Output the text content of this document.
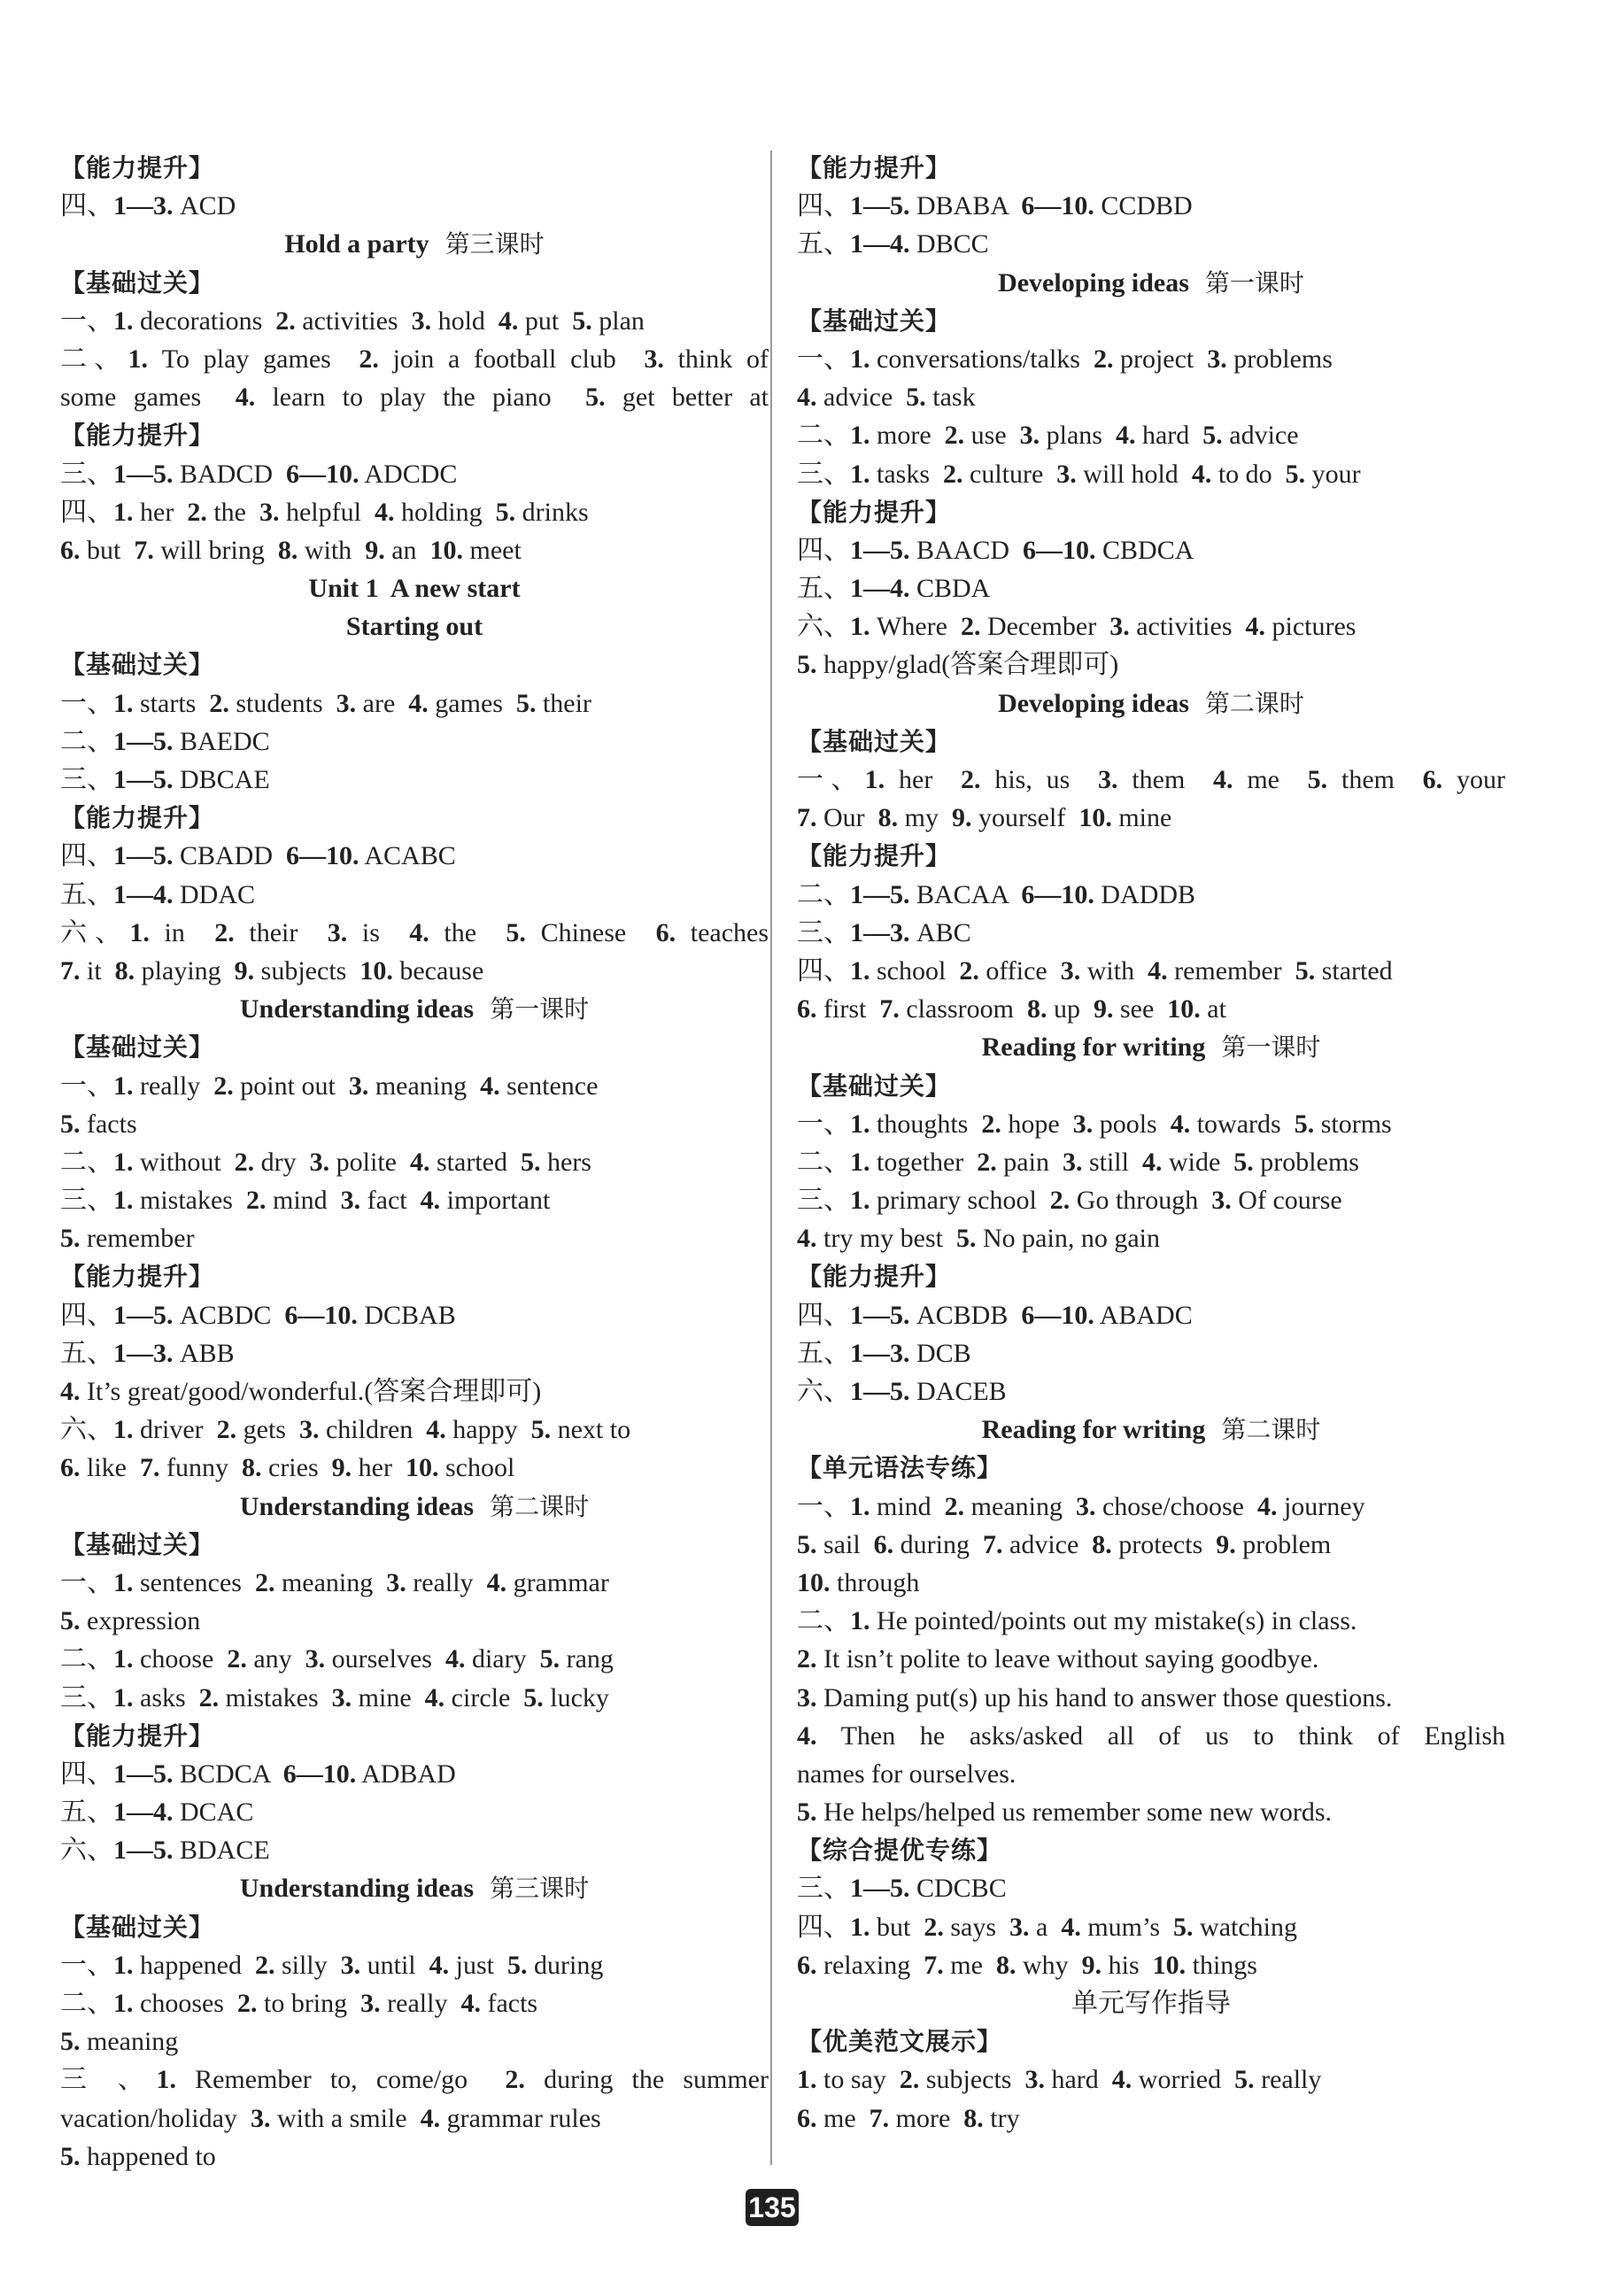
【能力提升】
四、1—3. ACD
Hold a party 第三课时
【基础过关】
一、1. decorations  2. activities  3. hold  4. put  5. plan
二、1. To play games  2. join a football club  3. think of
some games  4. learn to play the piano  5. get better at
【能力提升】
三、1—5. BADCD  6—10. ADCDC
四、1. her  2. the  3. helpful  4. holding  5. drinks
6. but  7. will bring  8. with  9. an  10. meet
Unit 1  A new start
Starting out
【基础过关】
一、1. starts  2. students  3. are  4. games  5. their
二、1—5. BAEDC
三、1—5. DBCAE
【能力提升】
四、1—5. CBADD  6—10. ACABC
五、1—4. DDAC
六、1. in  2. their  3. is  4. the  5. Chinese  6. teaches
7. it  8. playing  9. subjects  10. because
Understanding ideas 第一课时
【基础过关】
一、1. really  2. point out  3. meaning  4. sentence
5. facts
二、1. without  2. dry  3. polite  4. started  5. hers
三、1. mistakes  2. mind  3. fact  4. important
5. remember
【能力提升】
四、1—5. ACBDC  6—10. DCBAB
五、1—3. ABB
4. It’s great/good/wonderful.(答案合理即可)
六、1. driver  2. gets  3. children  4. happy  5. next to
6. like  7. funny  8. cries  9. her  10. school
Understanding ideas 第二课时
【基础过关】
一、1. sentences  2. meaning  3. really  4. grammar
5. expression
二、1. choose  2. any  3. ourselves  4. diary  5. rang
三、1. asks  2. mistakes  3. mine  4. circle  5. lucky
【能力提升】
四、1—5. BCDCA  6—10. ADBAD
五、1—4. DCAC
六、1—5. BDACE
Understanding ideas 第三课时
【基础过关】
一、1. happened  2. silly  3. until  4. just  5. during
二、1. chooses  2. to bring  3. really  4. facts
5. meaning
三 、1. Remember to, come/go  2. during the summer
vacation/holiday  3. with a smile  4. grammar rules
5. happened to
【能力提升】
四、1—5. DBABA  6—10. CCDBD
五、1—4. DBCC
Developing ideas 第一课时
【基础过关】
一、1. conversations/talks  2. project  3. problems
4. advice  5. task
二、1. more  2. use  3. plans  4. hard  5. advice
三、1. tasks  2. culture  3. will hold  4. to do  5. your
【能力提升】
四、1—5. BAACD  6—10. CBDCA
五、1—4. CBDA
六、1. Where  2. December  3. activities  4. pictures
5. happy/glad(答案合理即可)
Developing ideas 第二课时
【基础过关】
一、1. her  2. his, us  3. them  4. me  5. them  6. your
7. Our  8. my  9. yourself  10. mine
【能力提升】
二、1—5. BACAA  6—10. DADDB
三、1—3. ABC
四、1. school  2. office  3. with  4. remember  5. started
6. first  7. classroom  8. up  9. see  10. at
Reading for writing 第一课时
【基础过关】
一、1. thoughts  2. hope  3. pools  4. towards  5. storms
二、1. together  2. pain  3. still  4. wide  5. problems
三、1. primary school  2. Go through  3. Of course
4. try my best  5. No pain, no gain
【能力提升】
四、1—5. ACBDB  6—10. ABADC
五、1—3. DCB
六、1—5. DACEB
Reading for writing 第二课时
【单元语法专练】
一、1. mind  2. meaning  3. chose/choose  4. journey
5. sail  6. during  7. advice  8. protects  9. problem
10. through
二、1. He pointed/points out my mistake(s) in class.
2. It isn’t polite to leave without saying goodbye.
3. Daming put(s) up his hand to answer those questions.
4. Then he asks/asked all of us to think of English
names for ourselves.
5. He helps/helped us remember some new words.
【综合提优专练】
三、1—5. CDCBC
四、1. but  2. says  3. a  4. mum’s  5. watching
6. relaxing  7. me  8. why  9. his  10. things
单元写作指导
【优美范文展示】
1. to say  2. subjects  3. hard  4. worried  5. really
6. me  7. more  8. try
135
